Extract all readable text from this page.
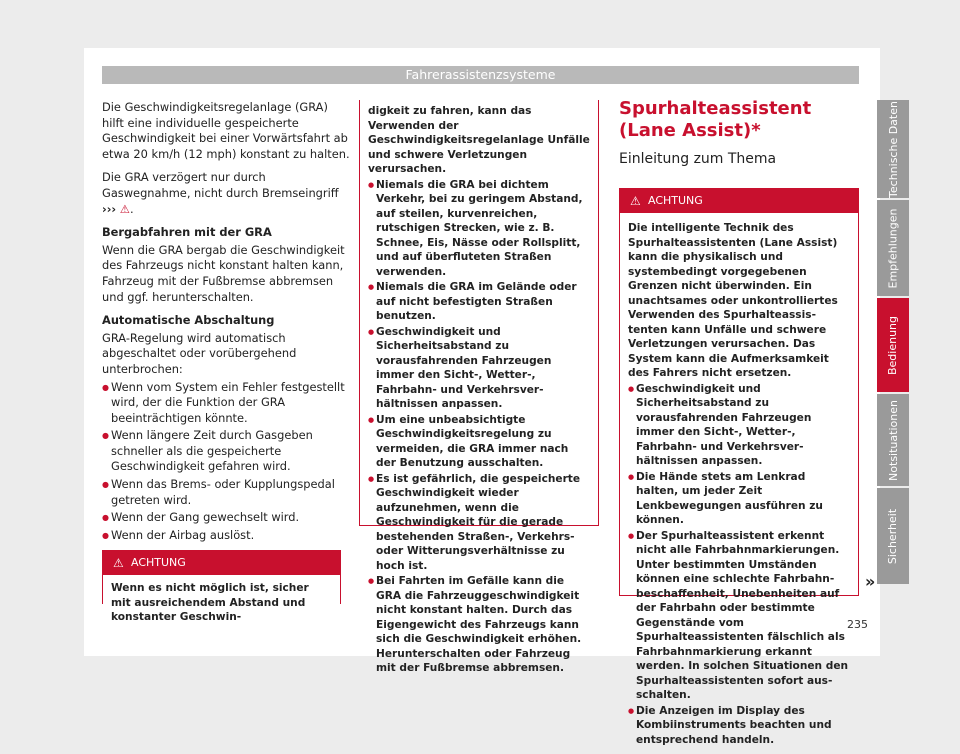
Fahrerassistenzsysteme

Die Geschwindigkeitsregelanlage (GRA) hilft eine individuelle gespeicherte Geschwindigkeit bei einer Vorwärtsfahrt ab etwa 20 km/h (12 mph) konstant zu halten.

Die GRA verzögert nur durch Gaswegnahme, nicht durch Bremseingriff ››› ⚠.

Bergabfahren mit der GRA

Wenn die GRA bergab die Geschwindigkeit des Fahrzeugs nicht konstant halten kann, Fahrzeug mit der Fußbremse abbremsen und ggf. herunterschalten.

Automatische Abschaltung

GRA-Regelung wird automatisch abgeschaltet oder vorübergehend unterbrochen:

● Wenn vom System ein Fehler festgestellt wird, der die Funktion der GRA beeinträchtigen könnte.
● Wenn längere Zeit durch Gasgeben schneller als die gespeicherte Geschwindigkeit gefahren wird.
● Wenn das Brems- oder Kupplungspedal getreten wird.
● Wenn der Gang gewechselt wird.
● Wenn der Airbag auslöst.
⚠ ACHTUNG
Wenn es nicht möglich ist, sicher mit ausreichendem Abstand und konstanter Geschwin-

digkeit zu fahren, kann das Verwenden der Geschwindigkeitsregelanlage Unfälle und schwere Verletzungen verursachen.

● Niemals die GRA bei dichtem Verkehr, bei zu geringem Abstand, auf steilen, kurvenreichen, rutschigen Strecken, wie z. B. Schnee, Eis, Nässe oder Rollsplitt, und auf überfluteten Straßen verwenden.
● Niemals die GRA im Gelände oder auf nicht befestigten Straßen benutzen.
● Geschwindigkeit und Sicherheitsabstand zu vorausfahrenden Fahrzeugen immer den Sicht-, Wetter-, Fahrbahn- und Verkehrsverhältnissen anpassen.
● Um eine unbeabsichtigte Geschwindigkeitsregelung zu vermeiden, die GRA immer nach der Benutzung ausschalten.
● Es ist gefährlich, die gespeicherte Geschwindigkeit wieder aufzunehmen, wenn die Geschwindigkeit für die gerade bestehenden Straßen-, Verkehrs- oder Witterungsverhältnisse zu hoch ist.
● Bei Fahrten im Gefälle kann die GRA die Fahrzeuggeschwindigkeit nicht konstant halten. Durch das Eigengewicht des Fahrzeugs kann sich die Geschwindigkeit erhöhen. Herunterschalten oder Fahrzeug mit der Fußbremse abbremsen.

Spurhalteassistent (Lane Assist)*

Einleitung zum Thema

⚠ ACHTUNG

Die intelligente Technik des Spurhalteassistenten (Lane Assist) kann die physikalisch und systembedingt vorgegebenen Grenzen nicht überwinden. Ein unachtsames oder unkontrolliertes Verwenden des Spurhalteassistenten kann Unfälle und schwere Verletzungen verursachen. Das System kann die Aufmerksamkeit des Fahrers nicht ersetzen.

● Geschwindigkeit und Sicherheitsabstand zu vorausfahrenden Fahrzeugen immer den Sicht-, Wetter-, Fahrbahn- und Verkehrsverhältnissen anpassen.
● Die Hände stets am Lenkrad halten, um jeder Zeit Lenkbewegungen ausführen zu können.
● Der Spurhalteassistent erkennt nicht alle Fahrbahnmarkierungen. Unter bestimmten Umständen können eine schlechte Fahrbahnbeschaffenheit, Unebenheiten auf der Fahrbahn oder bestimmte Gegenstände vom Spurhalteassistenten fälschlich als Fahrbahnmarkierung erkannt werden. In solchen Situationen den Spurhalteassistenten sofort ausschalten.
● Die Anzeigen im Display des Kombiinstruments beachten und entsprechend handeln.
»
Technische Daten
Empfehlungen
Bedienung
Notsituationen
Sicherheit
235
